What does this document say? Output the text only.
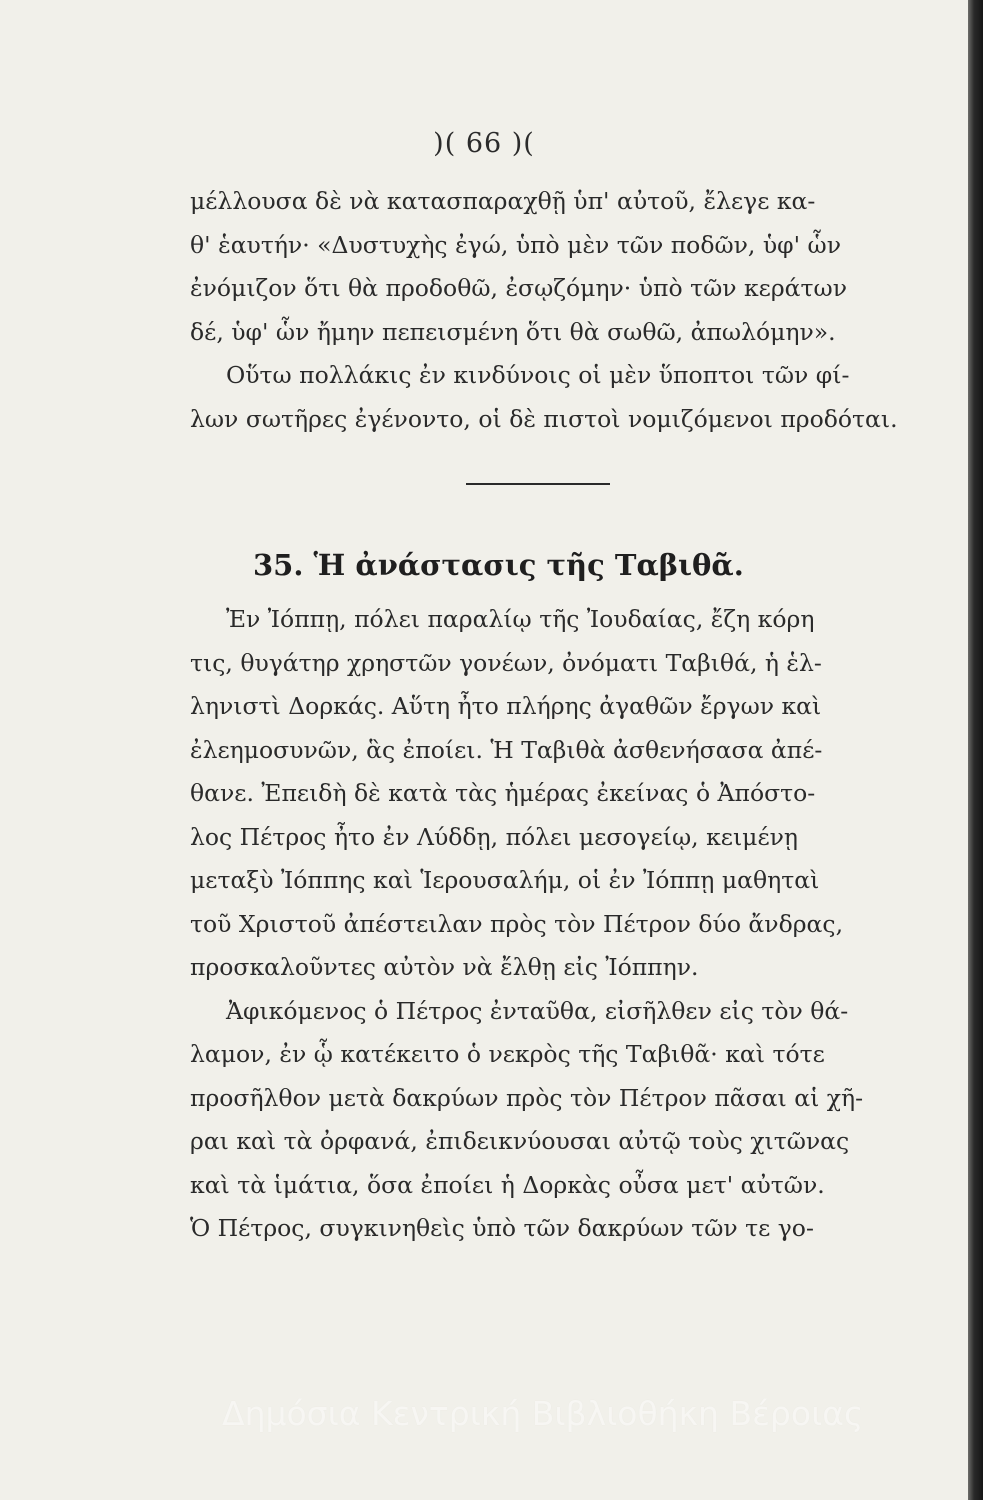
)( 66 )(
μέλλουσα δὲ νὰ κατασπαραχθῇ ὑπ' αὐτοῦ, ἔλεγε κα-
θ' ἑαυτήν· «Δυστυχὴς ἐγώ, ὑπὸ μὲν τῶν ποδῶν, ὑφ' ὧν
ἐνόμιζον ὅτι θὰ προδοθῶ, ἐσῳζόμην· ὑπὸ τῶν κεράτων
δέ, ὑφ' ὧν ἤμην πεπεισμένη ὅτι θὰ σωθῶ, ἀπωλόμην».
Οὕτω πολλάκις ἐν κινδύνοις οἱ μὲν ὕποπτοι τῶν φί-
λων σωτῆρες ἐγένοντο, οἱ δὲ πιστοὶ νομιζόμενοι προδόται.
35. Ἡ ἀνάστασις τῆς Ταβιθᾶ.
Ἐν Ἰόππῃ, πόλει παραλίῳ τῆς Ἰουδαίας, ἔζη κόρη
τις, θυγάτηρ χρηστῶν γονέων, ὀνόματι Ταβιθά, ἡ ἑλ-
ληνιστὶ Δορκάς. Αὕτη ἦτο πλήρης ἀγαθῶν ἔργων καὶ
ἐλεημοσυνῶν, ἃς ἐποίει. Ἡ Ταβιθὰ ἀσθενήσασα ἀπέ-
θανε. Ἐπειδὴ δὲ κατὰ τὰς ἡμέρας ἐκείνας ὁ Ἀπόστο-
λος Πέτρος ἦτο ἐν Λύδδῃ, πόλει μεσογείῳ, κειμένῃ
μεταξὺ Ἰόππης καὶ Ἱερουσαλήμ, οἱ ἐν Ἰόππῃ μαθηταὶ
τοῦ Χριστοῦ ἀπέστειλαν πρὸς τὸν Πέτρον δύο ἄνδρας,
προσκαλοῦντες αὐτὸν νὰ ἔλθῃ εἰς Ἰόππην.
Ἀφικόμενος ὁ Πέτρος ἐνταῦθα, εἰσῆλθεν εἰς τὸν θά-
λαμον, ἐν ᾧ κατέκειτο ὁ νεκρὸς τῆς Ταβιθᾶ· καὶ τότε
προσῆλθον μετὰ δακρύων πρὸς τὸν Πέτρον πᾶσαι αἱ χῆ-
ραι καὶ τὰ ὀρφανά, ἐπιδεικνύουσαι αὐτῷ τοὺς χιτῶνας
καὶ τὰ ἱμάτια, ὅσα ἐποίει ἡ Δορκὰς οὖσα μετ' αὐτῶν.
Ὁ Πέτρος, συγκινηθεὶς ὑπὸ τῶν δακρύων τῶν τε γο-
Δημόσια Κεντρική Βιβλιοθήκη Βέροιας
